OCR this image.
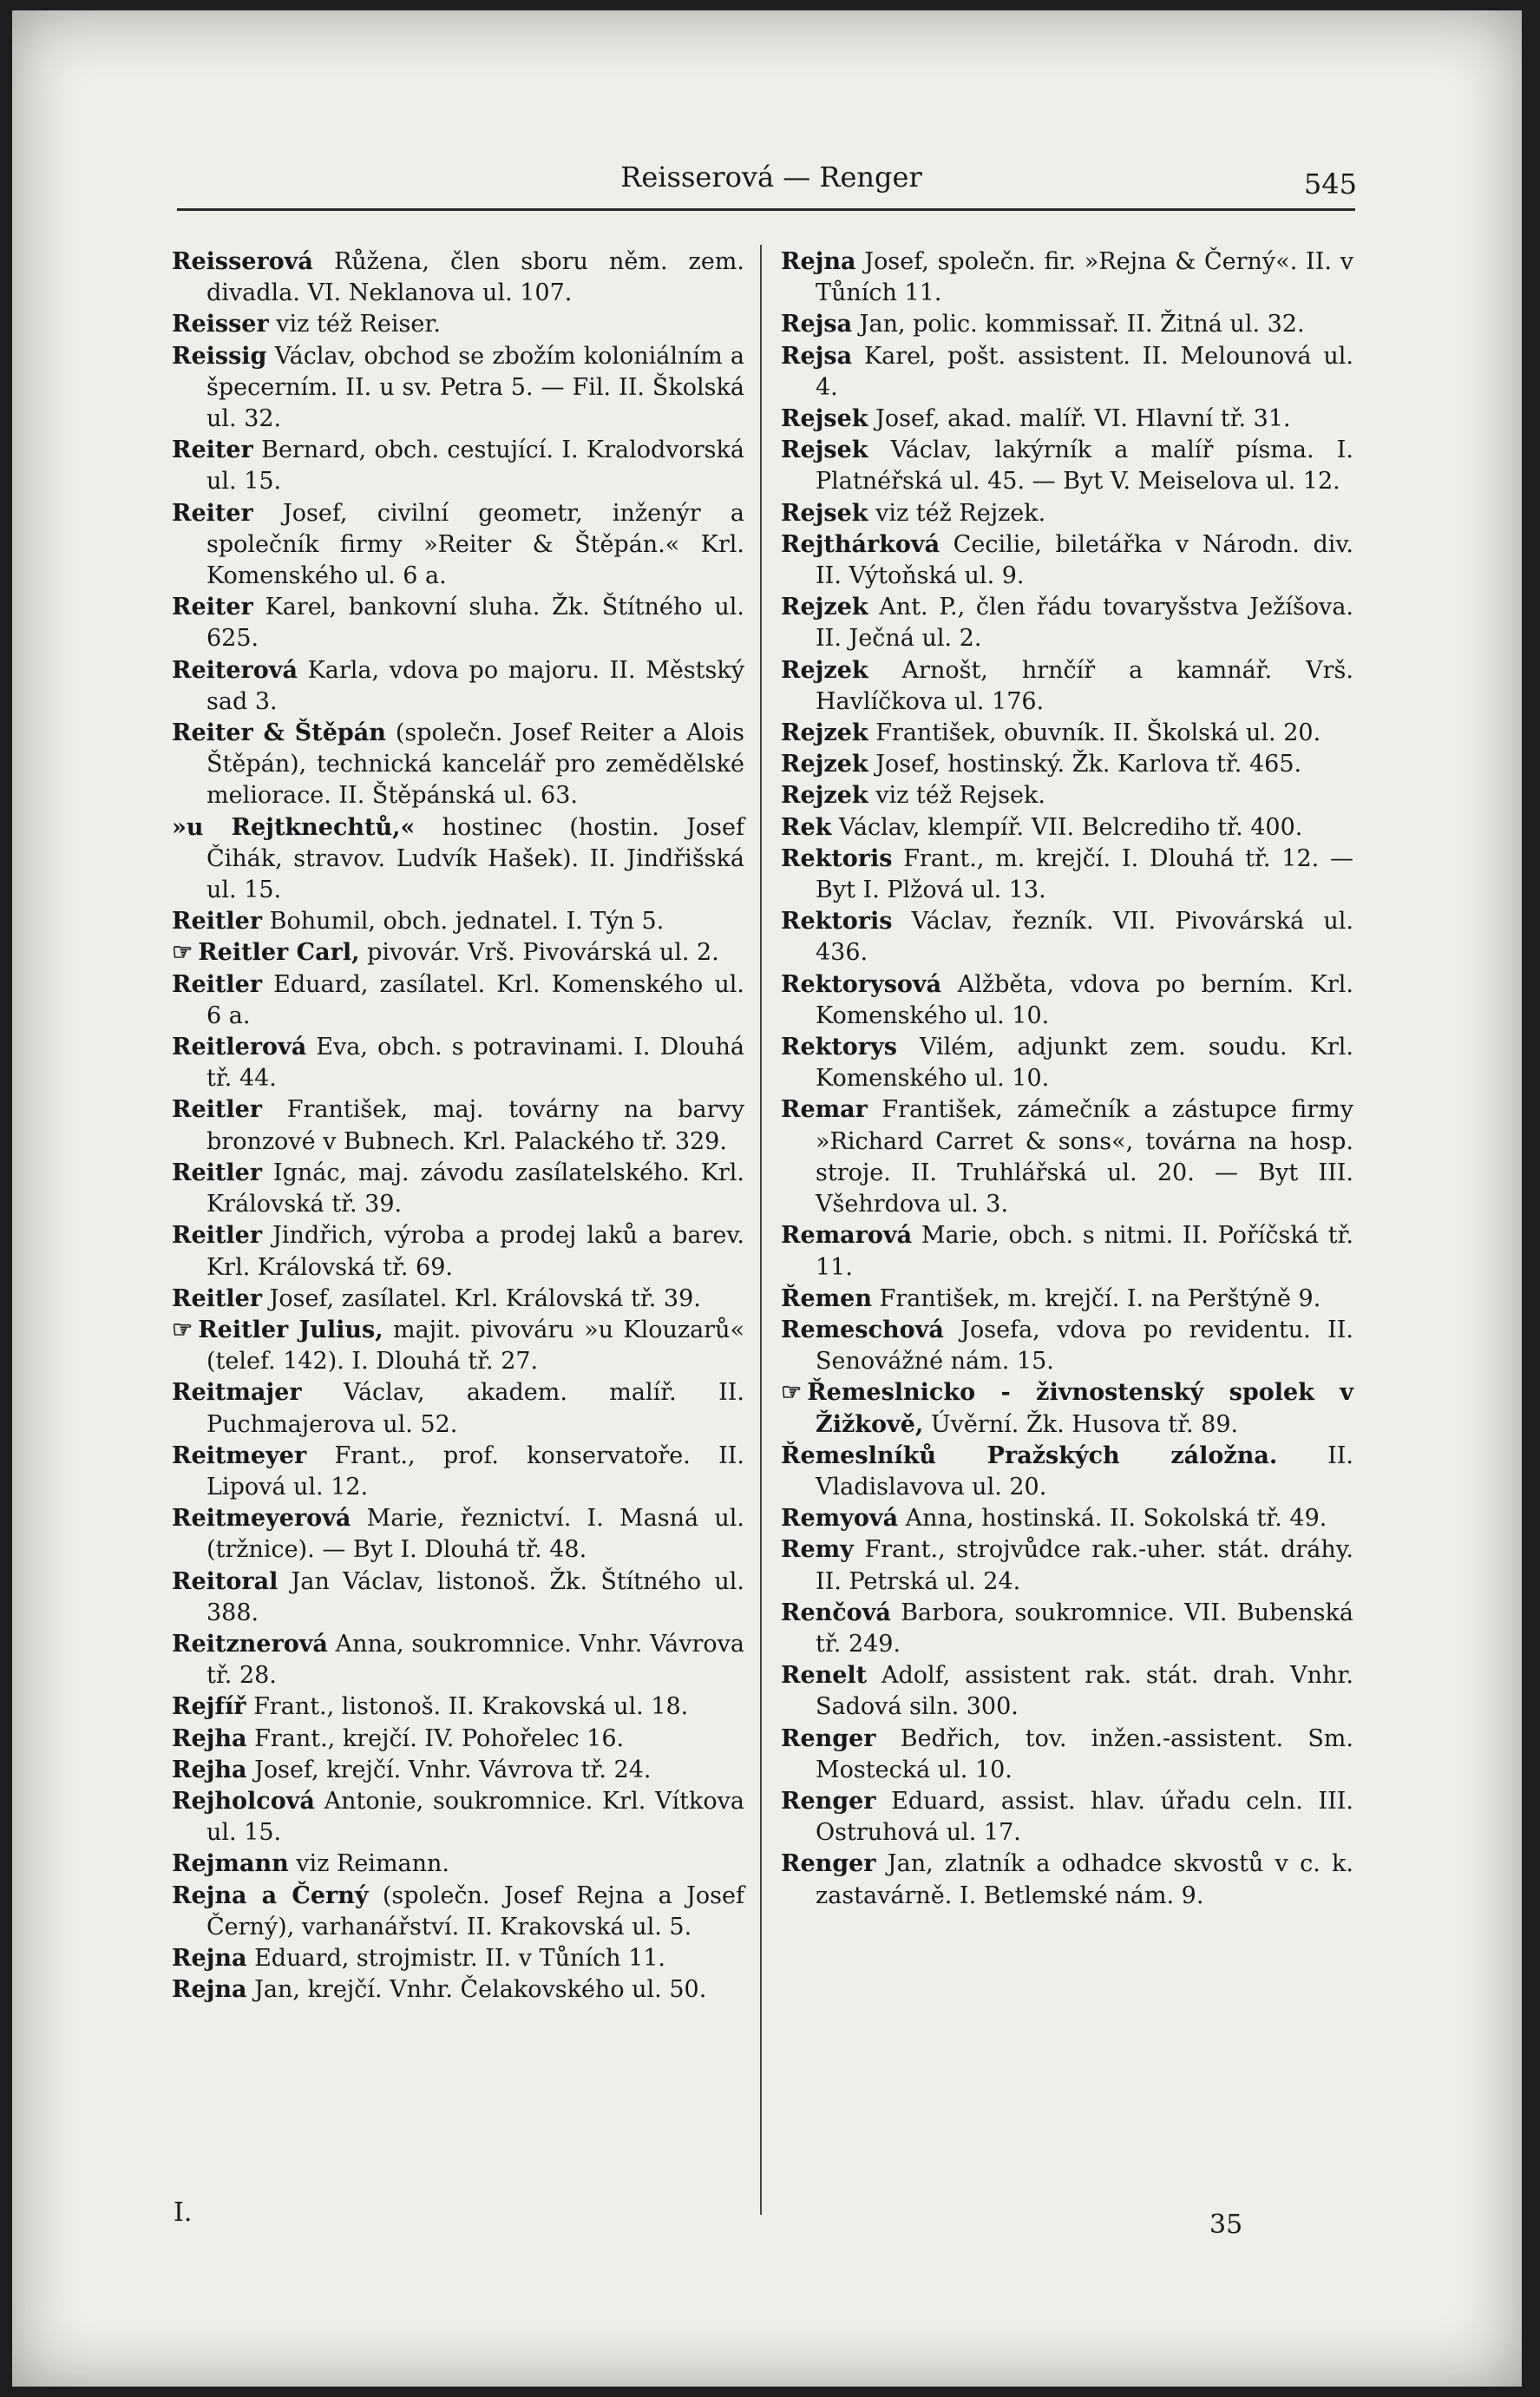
Reisserová — Renger	545

Reisserová Růžena, člen sboru něm. zem. divadla. VI. Neklanova ul. 107.

Reisser viz též Reiser.

Reissig Václav, obchod se zbožím koloniálním a špecerním. II. u sv. Petra 5. — Fil. II. Školská ul. 32.

Reiter Bernard, obch. cestující. I. Kralodvorská ul. 15.

Reiter Josef, civilní geometr, inženýr a společník firmy »Reiter & Štěpán.« Krl. Komenského ul. 6 a.

Reiter Karel, bankovní sluha. Žk. Štítného ul. 625.

Reiterová Karla, vdova po majoru. II. Městský sad 3.

Reiter & Štěpán (společn. Josef Reiter a Alois Štěpán), technická kancelář pro zemědělské meliorace. II. Štěpánská ul. 63.

»u Rejtknechtů,« hostinec (hostin. Josef Čihák, stravov. Ludvík Hašek). II. Jindřišská ul. 15.

Reitler Bohumil, obch. jednatel. I. Týn 5.

☞ Reitler Carl, pivovár. Vrš. Pivovárská ul. 2.

Reitler Eduard, zasílatel. Krl. Komenského ul. 6 a.

Reitlerová Eva, obch. s potravinami. I. Dlouhá tř. 44.

Reitler František, maj. továrny na barvy bronzové v Bubnech. Krl. Palackého tř. 329.

Reitler Ignác, maj. závodu zasílatelského. Krl. Královská tř. 39.

Reitler Jindřich, výroba a prodej laků a barev. Krl. Královská tř. 69.

Reitler Josef, zasílatel. Krl. Královská tř. 39.

☞ Reitler Julius, majit. pivováru »u Klouzarů« (telef. 142). I. Dlouhá tř. 27.

Reitmajer Václav, akadem. malíř. II. Puchmajerova ul. 52.

Reitmeyer Frant., prof. konservatoře. II. Lipová ul. 12.

Reitmeyerová Marie, řeznictví. I. Masná ul. (tržnice). — Byt I. Dlouhá tř. 48.

Reitoral Jan Václav, listonoš. Žk. Štítného ul. 388.

Reitznerová Anna, soukromnice. Vnhr. Vávrova tř. 28.

Rejfíř Frant., listonoš. II. Krakovská ul. 18.

Rejha Frant., krejčí. IV. Pohořelec 16.

Rejha Josef, krejčí. Vnhr. Vávrova tř. 24.

Rejholcová Antonie, soukromnice. Krl. Vítkova ul. 15.

Rejmann viz Reimann.

Rejna a Černý (společn. Josef Rejna a Josef Černý), varhanářství. II. Krakovská ul. 5.

Rejna Eduard, strojmistr. II. v Tůních 11.

Rejna Jan, krejčí. Vnhr. Čelakovského ul. 50.

Rejna Josef, společn. fir. »Rejna & Černý«. II. v Tůních 11.

Rejsa Jan, polic. kommissař. II. Žitná ul. 32.

Rejsa Karel, pošt. assistent. II. Melounová ul. 4.

Rejsek Josef, akad. malíř. VI. Hlavní tř. 31.

Rejsek Václav, lakýrník a malíř písma. I. Platnéřská ul. 45. — Byt V. Meiselova ul. 12.

Rejsek viz též Rejzek.

Rejthárková Cecilie, biletářka v Národn. div. II. Výtoňská ul. 9.

Rejzek Ant. P., člen řádu tovaryšstva Ježíšova. II. Ječná ul. 2.

Rejzek Arnošt, hrnčíř a kamnář. Vrš. Havlíčkova ul. 176.

Rejzek František, obuvník. II. Školská ul. 20.

Rejzek Josef, hostinský. Žk. Karlova tř. 465.

Rejzek viz též Rejsek.

Rek Václav, klempíř. VII. Belcrediho tř. 400.

Rektoris Frant., m. krejčí. I. Dlouhá tř. 12. — Byt I. Plžová ul. 13.

Rektoris Václav, řezník. VII. Pivovárská ul. 436.

Rektorysová Alžběta, vdova po berním. Krl. Komenského ul. 10.

Rektorys Vilém, adjunkt zem. soudu. Krl. Komenského ul. 10.

Remar František, zámečník a zástupce firmy »Richard Carret & sons«, továrna na hosp. stroje. II. Truhlářská ul. 20. — Byt III. Všehrdova ul. 3.

Remarová Marie, obch. s nitmi. II. Poříčská tř. 11.

Řemen František, m. krejčí. I. na Perštýně 9.

Remeschová Josefa, vdova po revidentu. II. Senovážné nám. 15.

☞ Řemeslnicko - živnostenský spolek v Žižkově, Úvěrní. Žk. Husova tř. 89.

Řemeslníků Pražských záložna. II. Vladislavova ul. 20.

Remyová Anna, hostinská. II. Sokolská tř. 49.

Remy Frant., strojvůdce rak.-uher. stát. dráhy. II. Petrská ul. 24.

Renčová Barbora, soukromnice. VII. Bubenská tř. 249.

Renelt Adolf, assistent rak. stát. drah. Vnhr. Sadová siln. 300.

Renger Bedřich, tov. inžen.-assistent. Sm. Mostecká ul. 10.

Renger Eduard, assist. hlav. úřadu celn. III. Ostruhová ul. 17.

Renger Jan, zlatník a odhadce skvostů v c. k. zastavárně. I. Betlemské nám. 9.

I.	35
